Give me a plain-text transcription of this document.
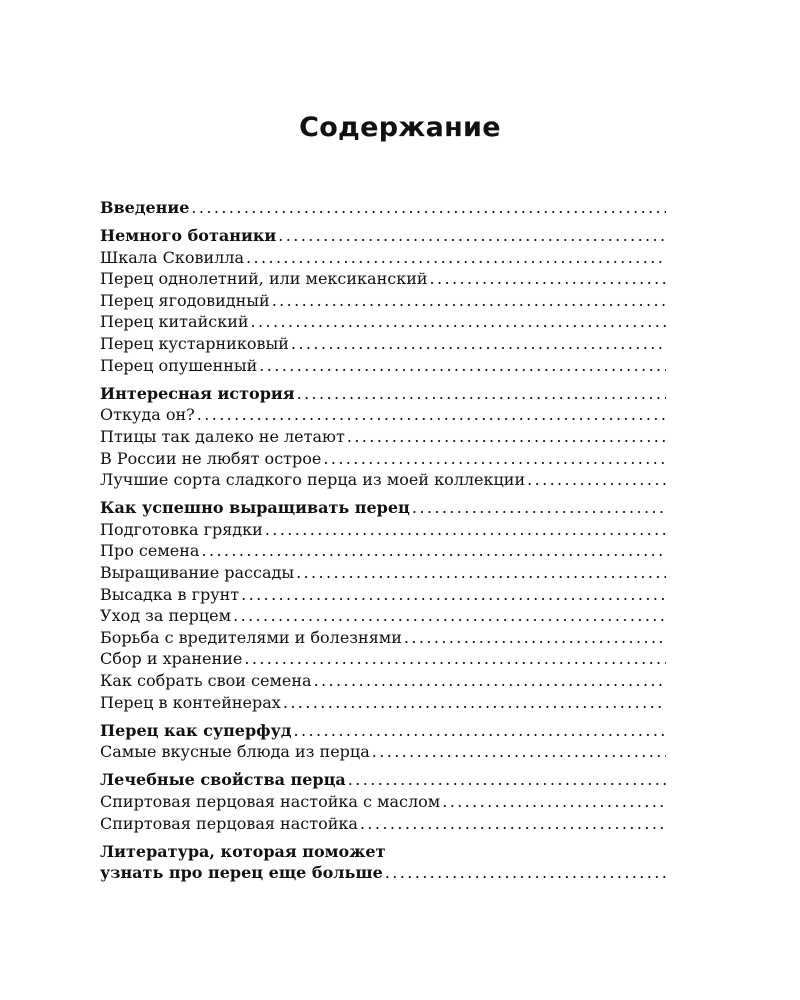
Содержание
Введение
.....
Немного ботаники
.....
Шкала Сковилла
.....
Перец однолетний, или мексиканский
.....
Перец ягодовидный
.....
Перец китайский
.....
Перец кустарниковый
.....
Перец опушенный
.....
Интересная история
.....
Откуда он?
.....
Птицы так далеко не летают
.....
В России не любят острое
.....
Лучшие сорта сладкого перца из моей коллекции
.....
Как успешно выращивать перец
.....
Подготовка грядки
.....
Про семена
.....
Выращивание рассады
.....
Высадка в грунт
.....
Уход за перцем
.....
Борьба с вредителями и болезнями
.....
Сбор и хранение
.....
Как собрать свои семена
.....
Перец в контейнерах
.....
Перец как суперфуд
.....
Самые вкусные блюда из перца
.....
Лечебные свойства перца
.....
Спиртовая перцовая настойка с маслом
.....
Спиртовая перцовая настойка
.....
Литература, которая поможет
узнать про перец еще больше
.....
